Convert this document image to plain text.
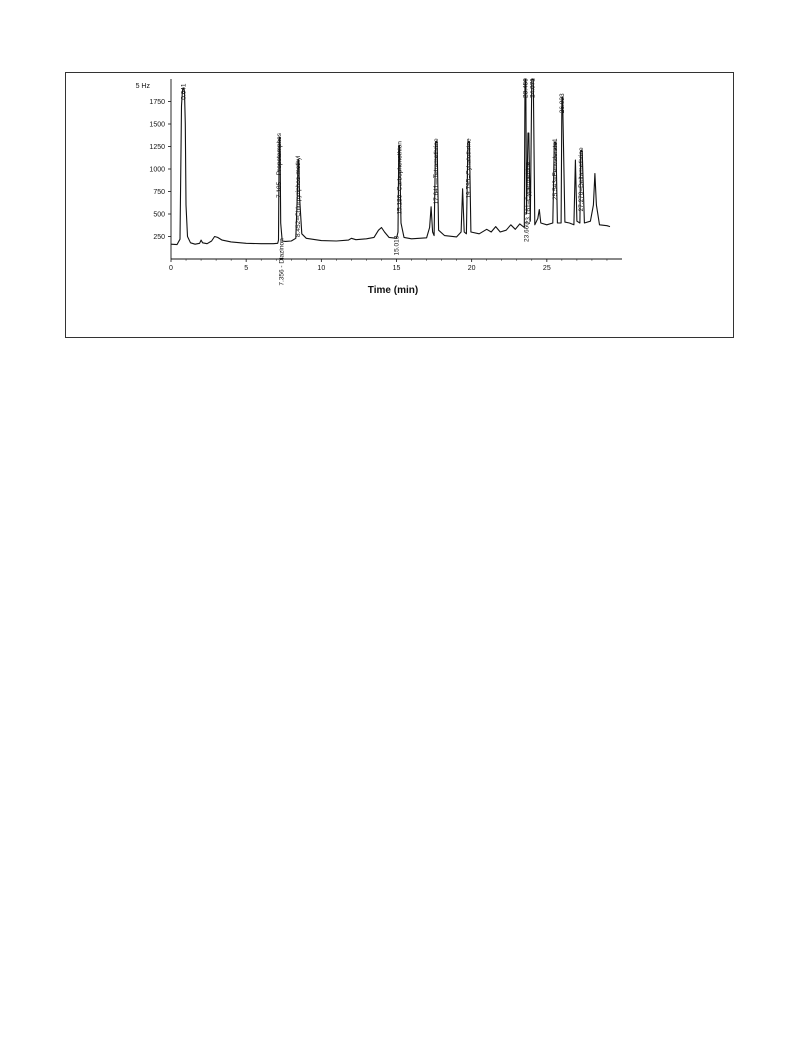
5 Hz
Time (min)
0	5	10	15	20	25
250
500
750
1000
1250
1500
1750
0.641
7.185—Propetamphos
7.356 - Diazinon
8.452=Chlorpyriphos-methyl
15.013
15.186=Carbophenothion	17.641—Tetramethrine	19.795=Cyhalothrine
23.660
23.761–Cypermetrine
23.459 24.071
25.543=Fenvalerate1
26.023
27.270=Deltamethrine
